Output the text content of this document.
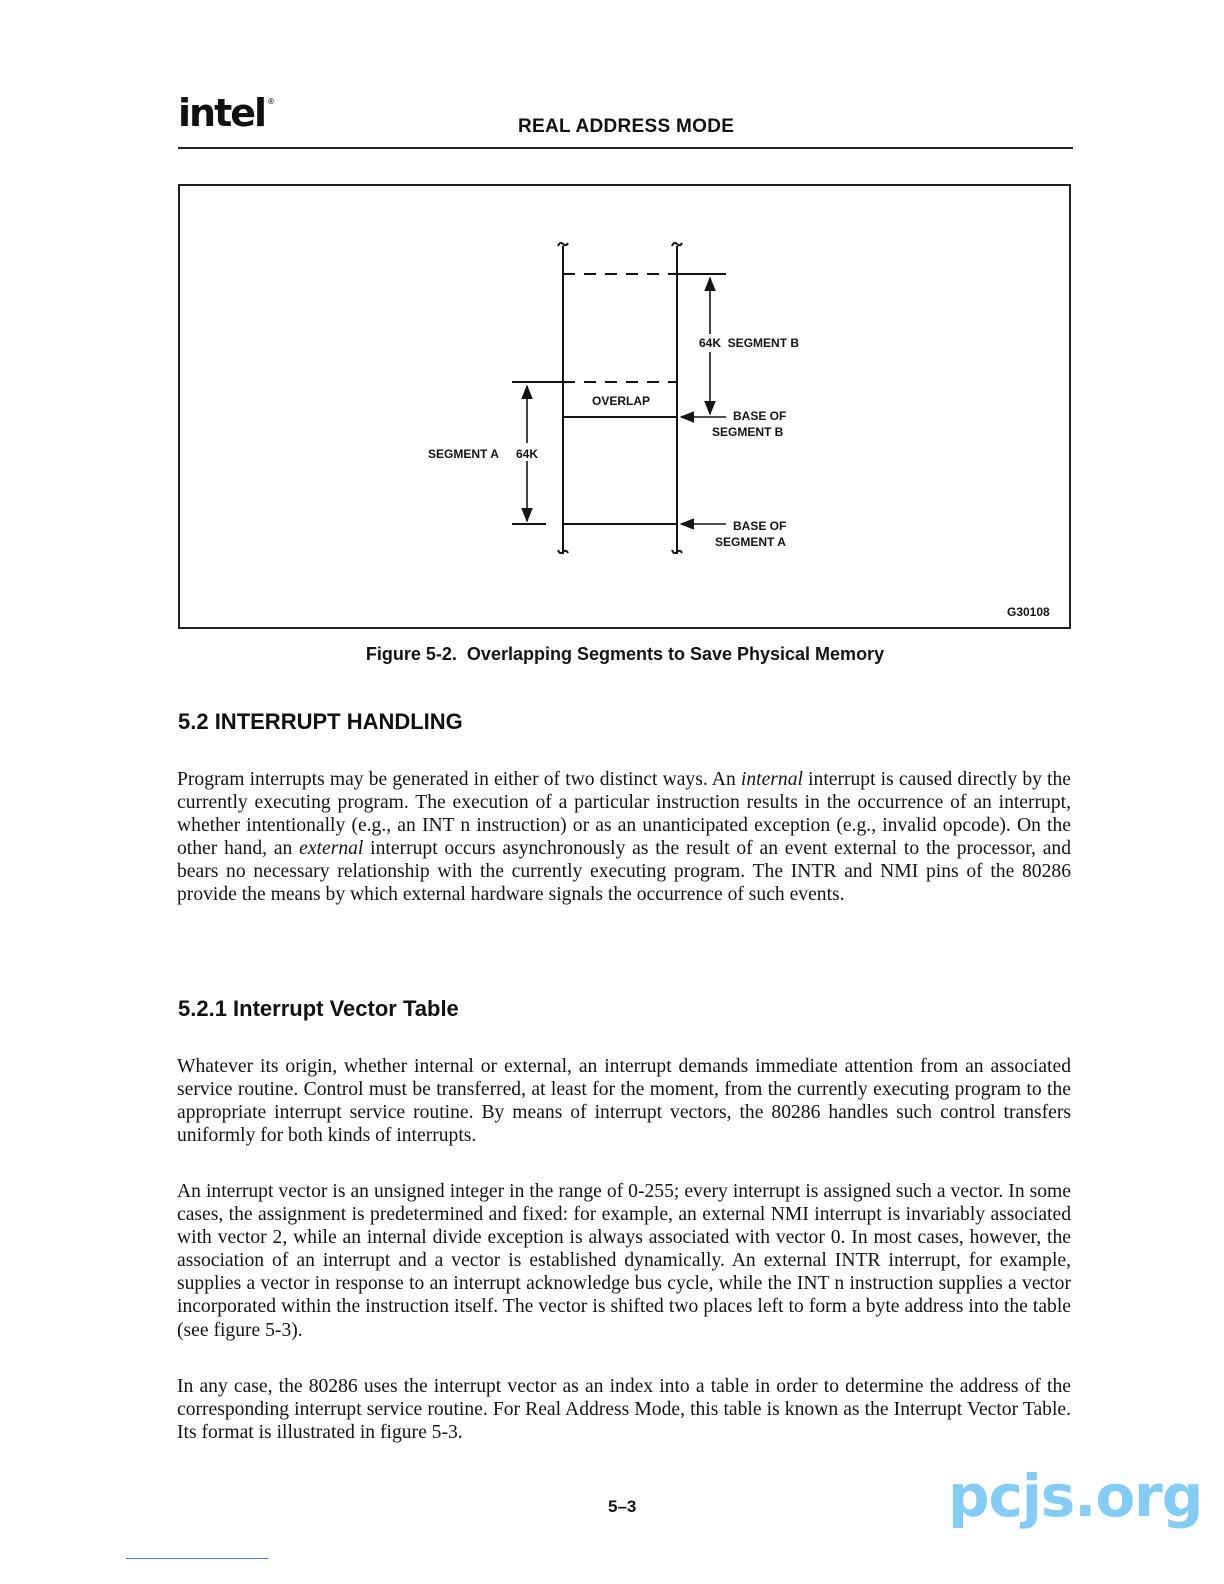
intel ®
REAL ADDRESS MODE
64K  SEGMENT B
OVERLAP
BASE OF
SEGMENT B
SEGMENT A 64K
BASE OF
SEGMENT A
G30108
Figure 5-2.  Overlapping Segments to Save Physical Memory
5.2 INTERRUPT HANDLING

Program interrupts may be generated in either of two distinct ways. An internal interrupt is caused directly by the currently executing program. The execution of a particular instruction results in the occurrence of an interrupt, whether intentionally (e.g., an INT n instruction) or as an unanticipated exception (e.g., invalid opcode). On the other hand, an external interrupt occurs asynchronously as the result of an event external to the processor, and bears no necessary relationship with the currently executing program. The INTR and NMI pins of the 80286 provide the means by which external hardware signals the occurrence of such events.

5.2.1 Interrupt Vector Table

Whatever its origin, whether internal or external, an interrupt demands immediate attention from an associated service routine. Control must be transferred, at least for the moment, from the currently executing program to the appropriate interrupt service routine. By means of interrupt vectors, the 80286 handles such control transfers uniformly for both kinds of interrupts.

An interrupt vector is an unsigned integer in the range of 0-255; every interrupt is assigned such a vector. In some cases, the assignment is predetermined and fixed: for example, an external NMI interrupt is invariably associated with vector 2, while an internal divide exception is always associated with vector 0. In most cases, however, the association of an interrupt and a vector is established dynamically. An external INTR interrupt, for example, supplies a vector in response to an interrupt acknowledge bus cycle, while the INT n instruction supplies a vector incorporated within the instruction itself. The vector is shifted two places left to form a byte address into the table (see figure 5-3).

In any case, the 80286 uses the interrupt vector as an index into a table in order to determine the address of the corresponding interrupt service routine. For Real Address Mode, this table is known as the Interrupt Vector Table. Its format is illustrated in figure 5-3.

5–3	pcjs.org
